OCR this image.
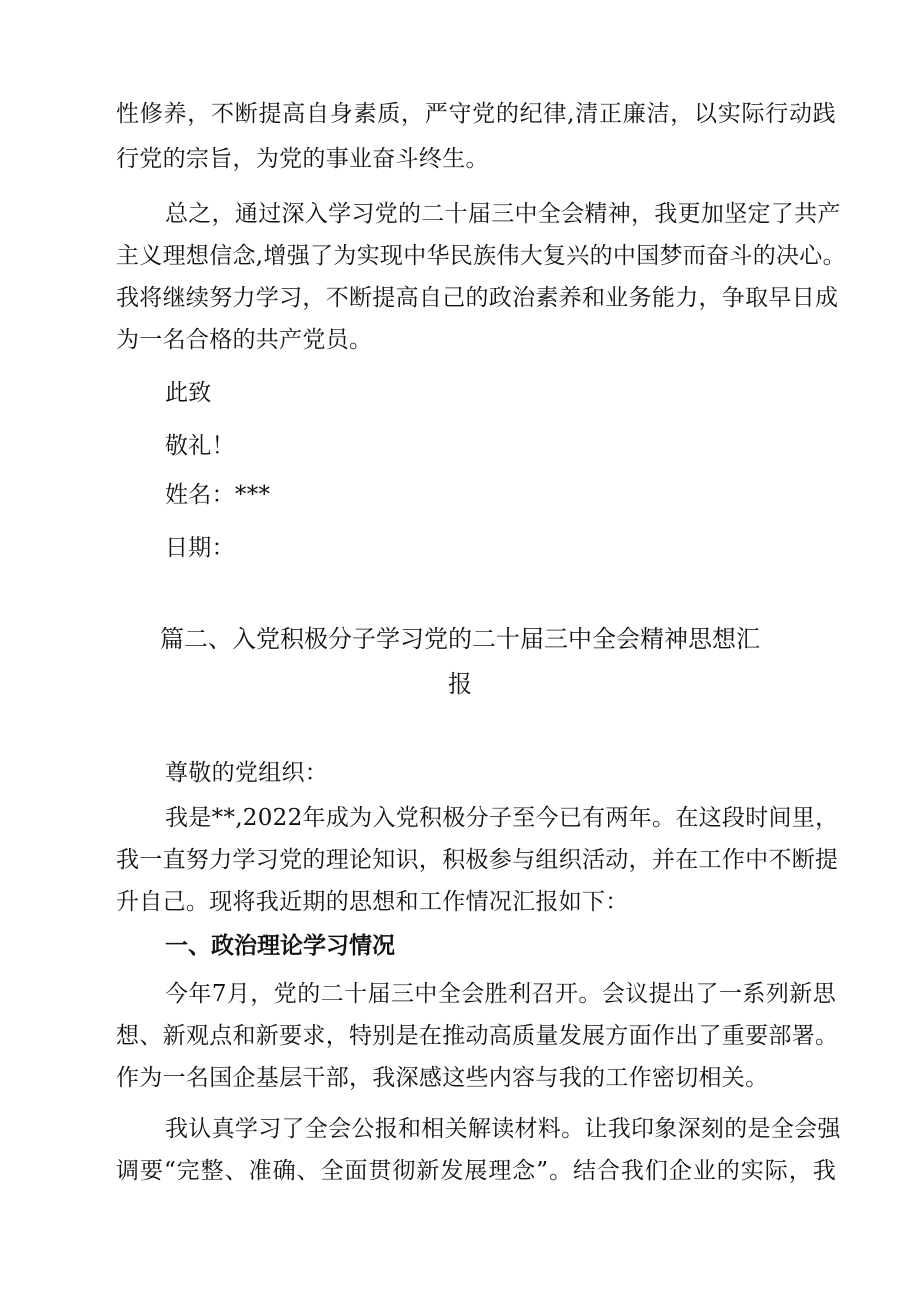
性修养，不断提高自身素质，严守党的纪律,清正廉洁，以实际行动践
行党的宗旨，为党的事业奋斗终生。
总之，通过深入学习党的二十届三中全会精神，我更加坚定了共产
主义理想信念,增强了为实现中华民族伟大复兴的中国梦而奋斗的决心。
我将继续努力学习，不断提高自己的政治素养和业务能力，争取早日成
为一名合格的共产党员。
此致
敬礼！
姓名：***
日期：
篇二、入党积极分子学习党的二十届三中全会精神思想汇
报
尊敬的党组织：
我是**,2022年成为入党积极分子至今已有两年。在这段时间里，
我一直努力学习党的理论知识，积极参与组织活动，并在工作中不断提
升自己。现将我近期的思想和工作情况汇报如下：
一、政治理论学习情况
今年7月，党的二十届三中全会胜利召开。会议提出了一系列新思
想、新观点和新要求，特别是在推动高质量发展方面作出了重要部署。
作为一名国企基层干部，我深感这些内容与我的工作密切相关。
我认真学习了全会公报和相关解读材料。让我印象深刻的是全会强
调要“完整、准确、全面贯彻新发展理念”。结合我们企业的实际，我
